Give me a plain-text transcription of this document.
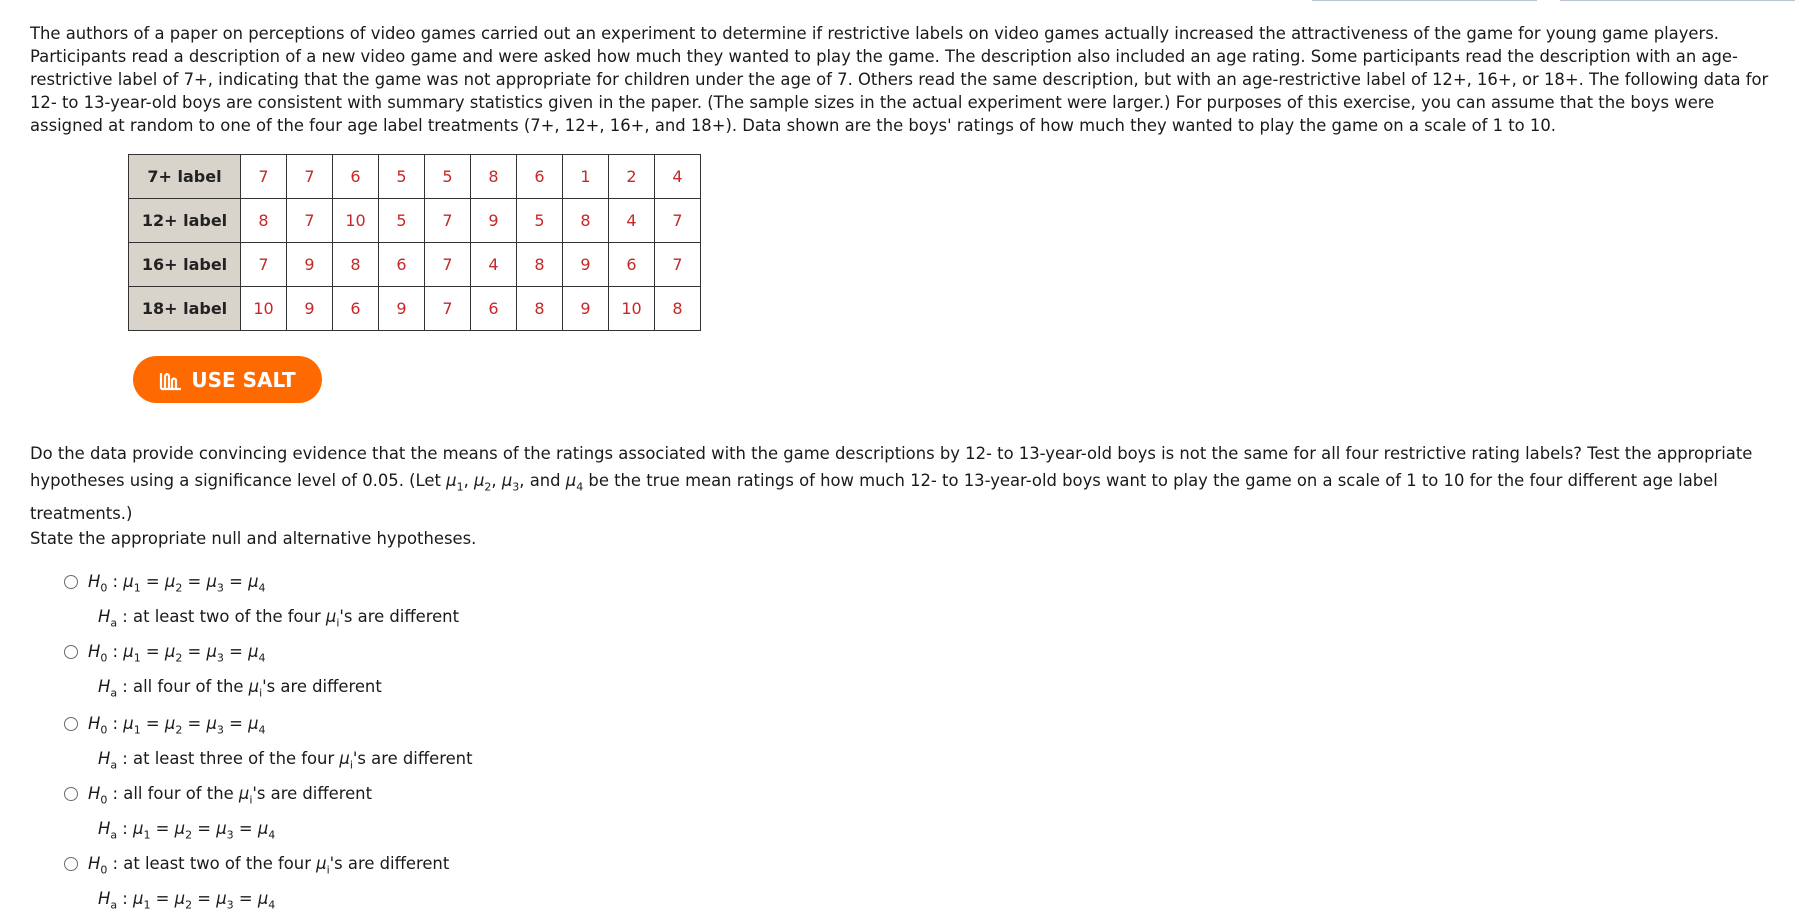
The authors of a paper on perceptions of video games carried out an experiment to determine if restrictive labels on video games actually increased the attractiveness of the game for young game players. Participants read a description of a new video game and were asked how much they wanted to play the game. The description also included an age rating. Some participants read the description with an age-restrictive label of 7+, indicating that the game was not appropriate for children under the age of 7. Others read the same description, but with an age-restrictive label of 12+, 16+, or 18+. The following data for 12- to 13-year-old boys are consistent with summary statistics given in the paper. (The sample sizes in the actual experiment were larger.) For purposes of this exercise, you can assume that the boys were assigned at random to one of the four age label treatments (7+, 12+, 16+, and 18+). Data shown are the boys' ratings of how much they wanted to play the game on a scale of 1 to 10.

7+ label	7	7	6	5	5	8	6	1	2	4
12+ label	8	7	10	5	7	9	5	8	4	7
16+ label	7	9	8	6	7	4	8	9	6	7
18+ label	10	9	6	9	7	6	8	9	10	8
USE SALT

Do the data provide convincing evidence that the means of the ratings associated with the game descriptions by 12- to 13-year-old boys is not the same for all four restrictive rating labels? Test the appropriate hypotheses using a significance level of 0.05. (Let $\mu_1$, $\mu_2$, $\mu_3$, and $\mu_4$ be the true mean ratings of how much 12- to 13-year-old boys want to play the game on a scale of 1 to 10 for the four different age label treatments.)

State the appropriate null and alternative hypotheses.

$H_0$ : $\mu_1 = \mu_2 = \mu_3 = \mu_4$
$H_a$ : at least two of the four $\mu_i's$ are different
$H_0$ : $\mu_1 = \mu_2 = \mu_3 = \mu_4$
$H_a$ : all four of the $\mu_i's$ are different
$H_0$ : $\mu_1 = \mu_2 = \mu_3 = \mu_4$
$H_a$ : at least three of the four $\mu_i's$ are different
$H_0$ : all four of the $\mu_i's$ are different
$H_a$ : $\mu_1 = \mu_2 = \mu_3 = \mu_4$
$H_0$ : at least two of the four $\mu_i's$ are different
$H_a$ : $\mu_1 = \mu_2 = \mu_3 = \mu_4$
